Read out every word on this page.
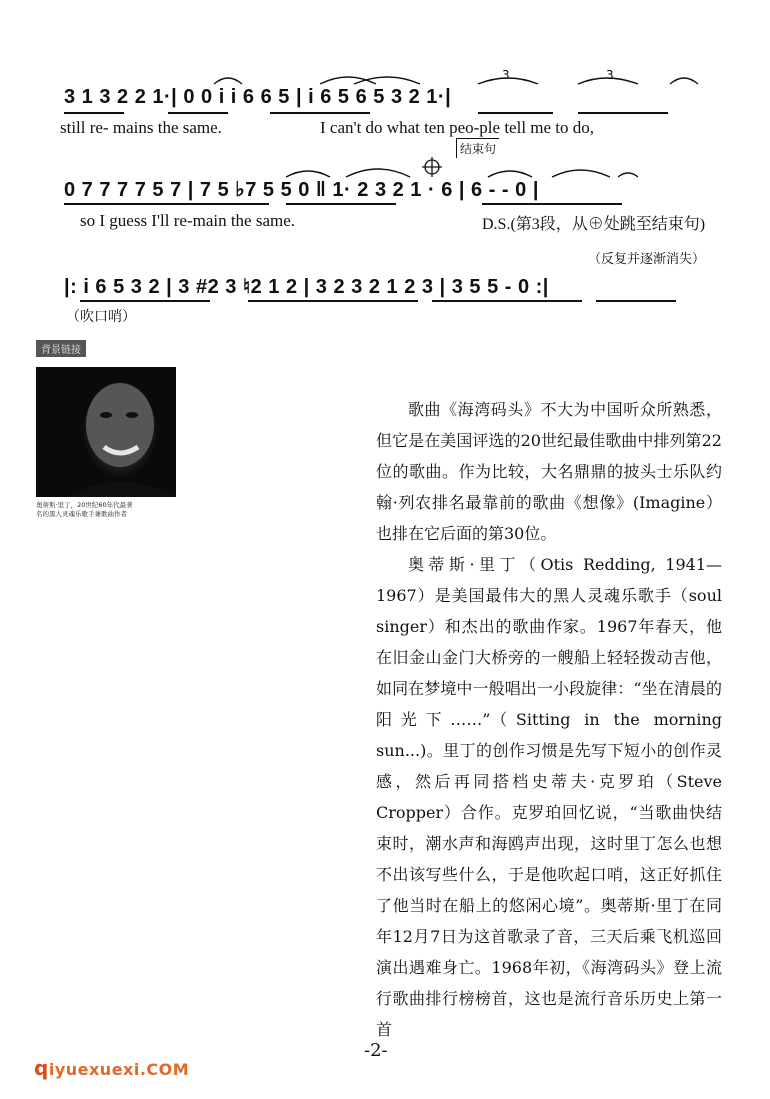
3	3
3 1 3 2 2 1·| 0 0 i i 6 6 5 | i 6 5 6 5 3 2 1·|
still re- mains the same.	I can't do what ten peo-ple tell me to do,
结束句
0 7 7 7 7 5 7 | 7 5 ♭7 5 5 0 ‖ 1· 2 3 2 1 · 6 | 6 - - 0 |
so I guess I'll re-main the same.	D.S.(第3段，从⊕处跳至结束句)
（反复并逐渐消失）
|: i 6 5 3 2 | 3 #2 3 ♮2 1 2 | 3 2 3 2 1 2 3 | 3 5 5 - 0 :|
（吹口哨）
背景链接
奥蒂斯·里丁，20世纪60年代最著
名的黑人灵魂乐歌手兼歌曲作者

歌曲《海湾码头》不大为中国听众所熟悉，但它是在美国评选的20世纪最佳歌曲中排列第22位的歌曲。作为比较，大名鼎鼎的披头士乐队约翰·列农排名最靠前的歌曲《想像》(Imagine）也排在它后面的第30位。

奥蒂斯·里丁（Otis Redding, 1941—1967）是美国最伟大的黑人灵魂乐歌手（soul singer）和杰出的歌曲作家。1967年春天，他在旧金山金门大桥旁的一艘船上轻轻拨动吉他，如同在梦境中一般唱出一小段旋律：“坐在清晨的阳光下……”（Sitting in the morning sun...)。里丁的创作习惯是先写下短小的创作灵感，然后再同搭档史蒂夫·克罗珀（Steve Cropper）合作。克罗珀回忆说，“当歌曲快结束时，潮水声和海鸥声出现，这时里丁怎么也想不出该写些什么，于是他吹起口哨，这正好抓住了他当时在船上的悠闲心境”。奥蒂斯·里丁在同年12月7日为这首歌录了音，三天后乘飞机巡回演出遇难身亡。1968年初，《海湾码头》登上流行歌曲排行榜榜首，这也是流行音乐历史上第一首

-2-
qiyuexuexi.COM
